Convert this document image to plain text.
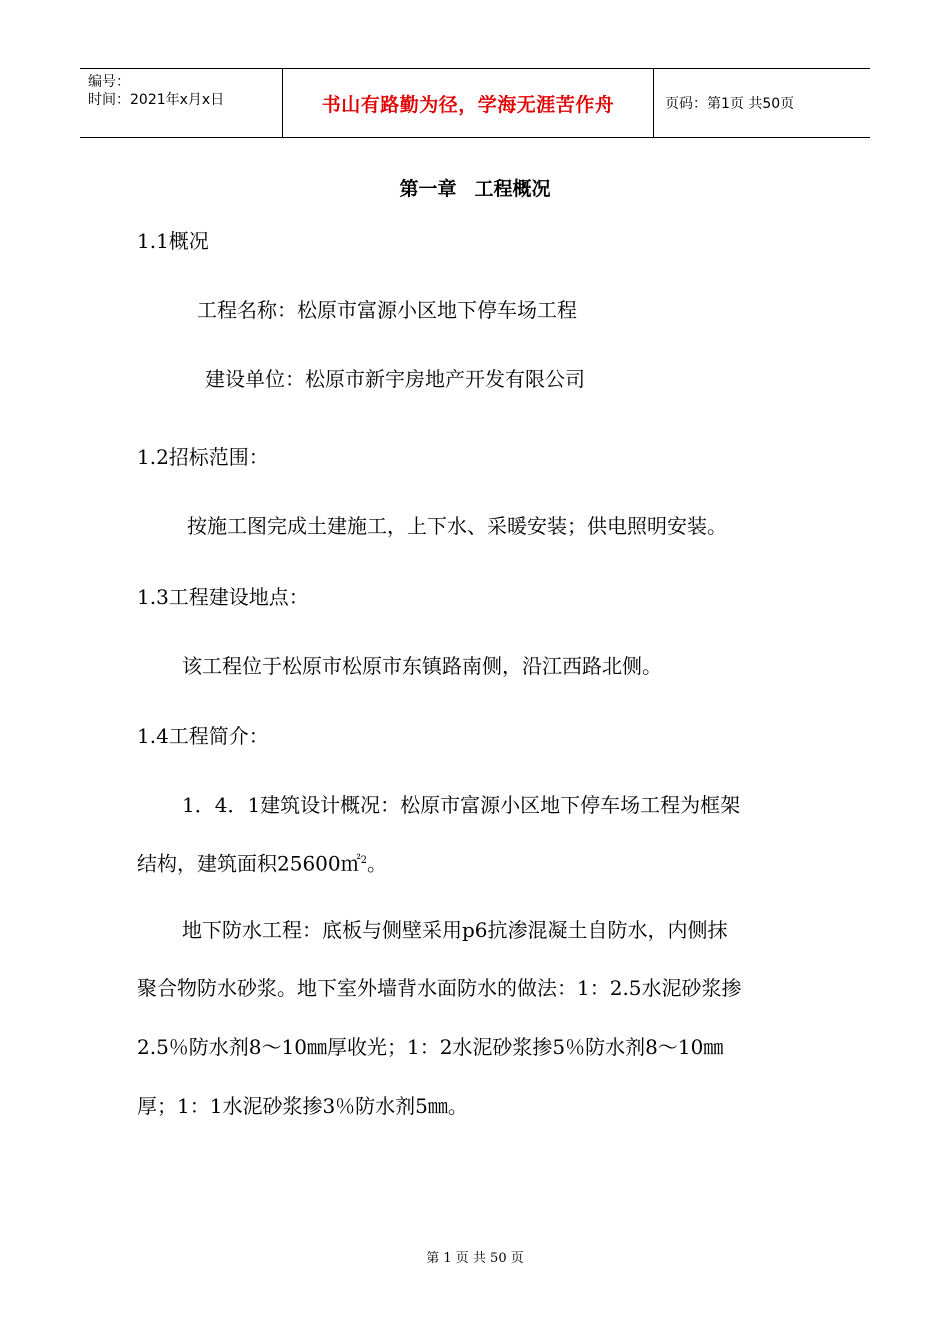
编号：
时间：2021年x月x日	书山有路勤为径，学海无涯苦作舟	页码：第1页 共50页
第一章 工程概况
1.1概况
工程名称：松原市富源小区地下停车场工程
建设单位：松原市新宇房地产开发有限公司
1.2招标范围：
按施工图完成土建施工，上下水、采暖安装；供电照明安装。
1.3工程建设地点：
该工程位于松原市松原市东镇路南侧，沿江西路北侧。
1.4工程简介：
1．4．1建筑设计概况：松原市富源小区地下停车场工程为框架
结构，建筑面积25600㎡$^2$。
地下防水工程：底板与侧壁采用p6抗渗混凝土自防水，内侧抹
聚合物防水砂浆。地下室外墙背水面防水的做法：1：2.5水泥砂浆掺
2.5％防水剂8～10㎜厚收光；1：2水泥砂浆掺5％防水剂8～10㎜
厚；1：1水泥砂浆掺3％防水剂5㎜。
第 1 页 共 50 页
